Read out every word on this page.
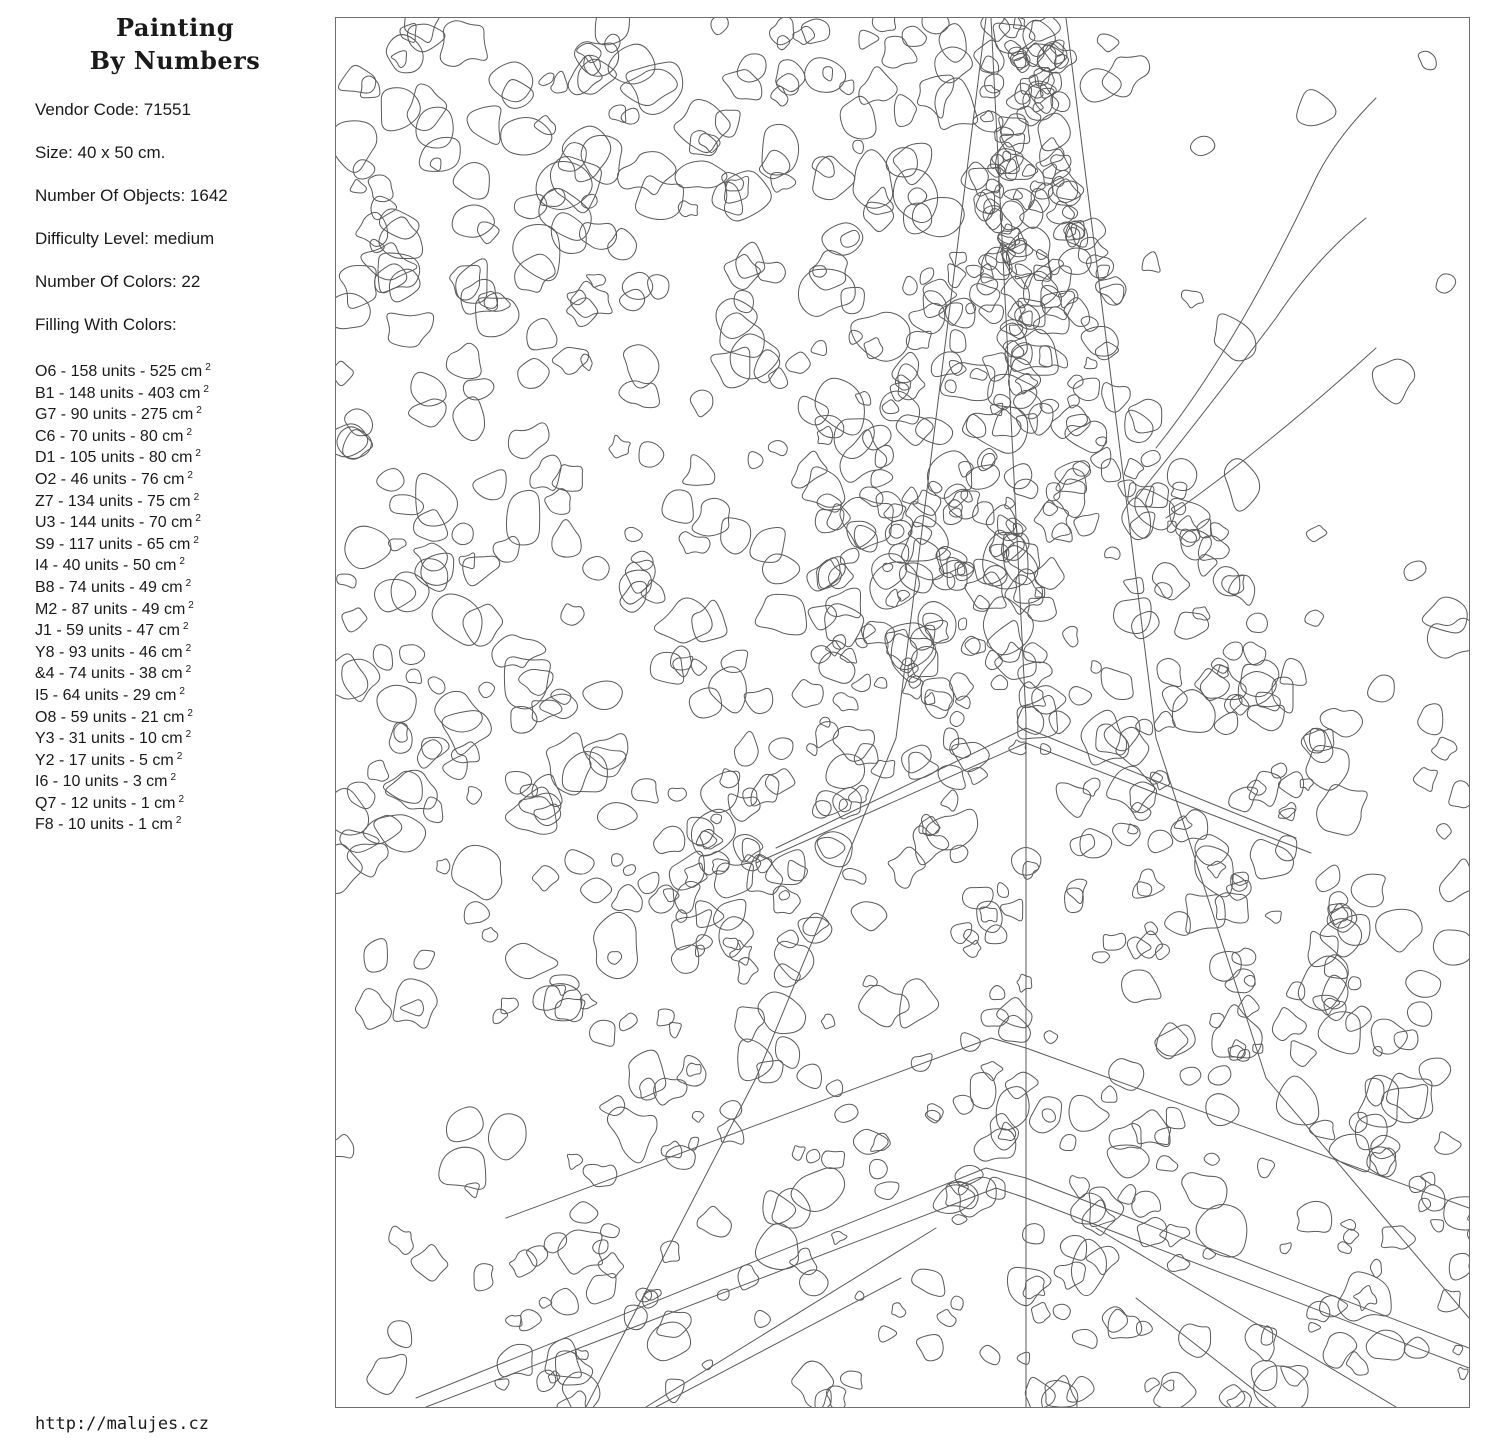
Painting
By Numbers
Vendor Code: 71551
Size: 40 x 50 cm.
Number Of Objects: 1642
Difficulty Level: medium
Number Of Colors: 22
Filling With Colors:
O6 - 158 units - 525 cm $^2$
B1 - 148 units - 403 cm $^2$
G7 - 90 units - 275 cm $^2$
C6 - 70 units - 80 cm $^2$
D1 - 105 units - 80 cm $^2$
O2 - 46 units - 76 cm $^2$
Z7 - 134 units - 75 cm $^2$
U3 - 144 units - 70 cm $^2$
S9 - 117 units - 65 cm $^2$
I4 - 40 units - 50 cm $^2$
B8 - 74 units - 49 cm $^2$
M2 - 87 units - 49 cm $^2$
J1 - 59 units - 47 cm $^2$
Y8 - 93 units - 46 cm $^2$
&4 - 74 units - 38 cm $^2$
I5 - 64 units - 29 cm $^2$
O8 - 59 units - 21 cm $^2$
Y3 - 31 units - 10 cm $^2$
Y2 - 17 units - 5 cm $^2$
I6 - 10 units - 3 cm $^2$
Q7 - 12 units - 1 cm $^2$
F8 - 10 units - 1 cm $^2$
http://malujes.cz
